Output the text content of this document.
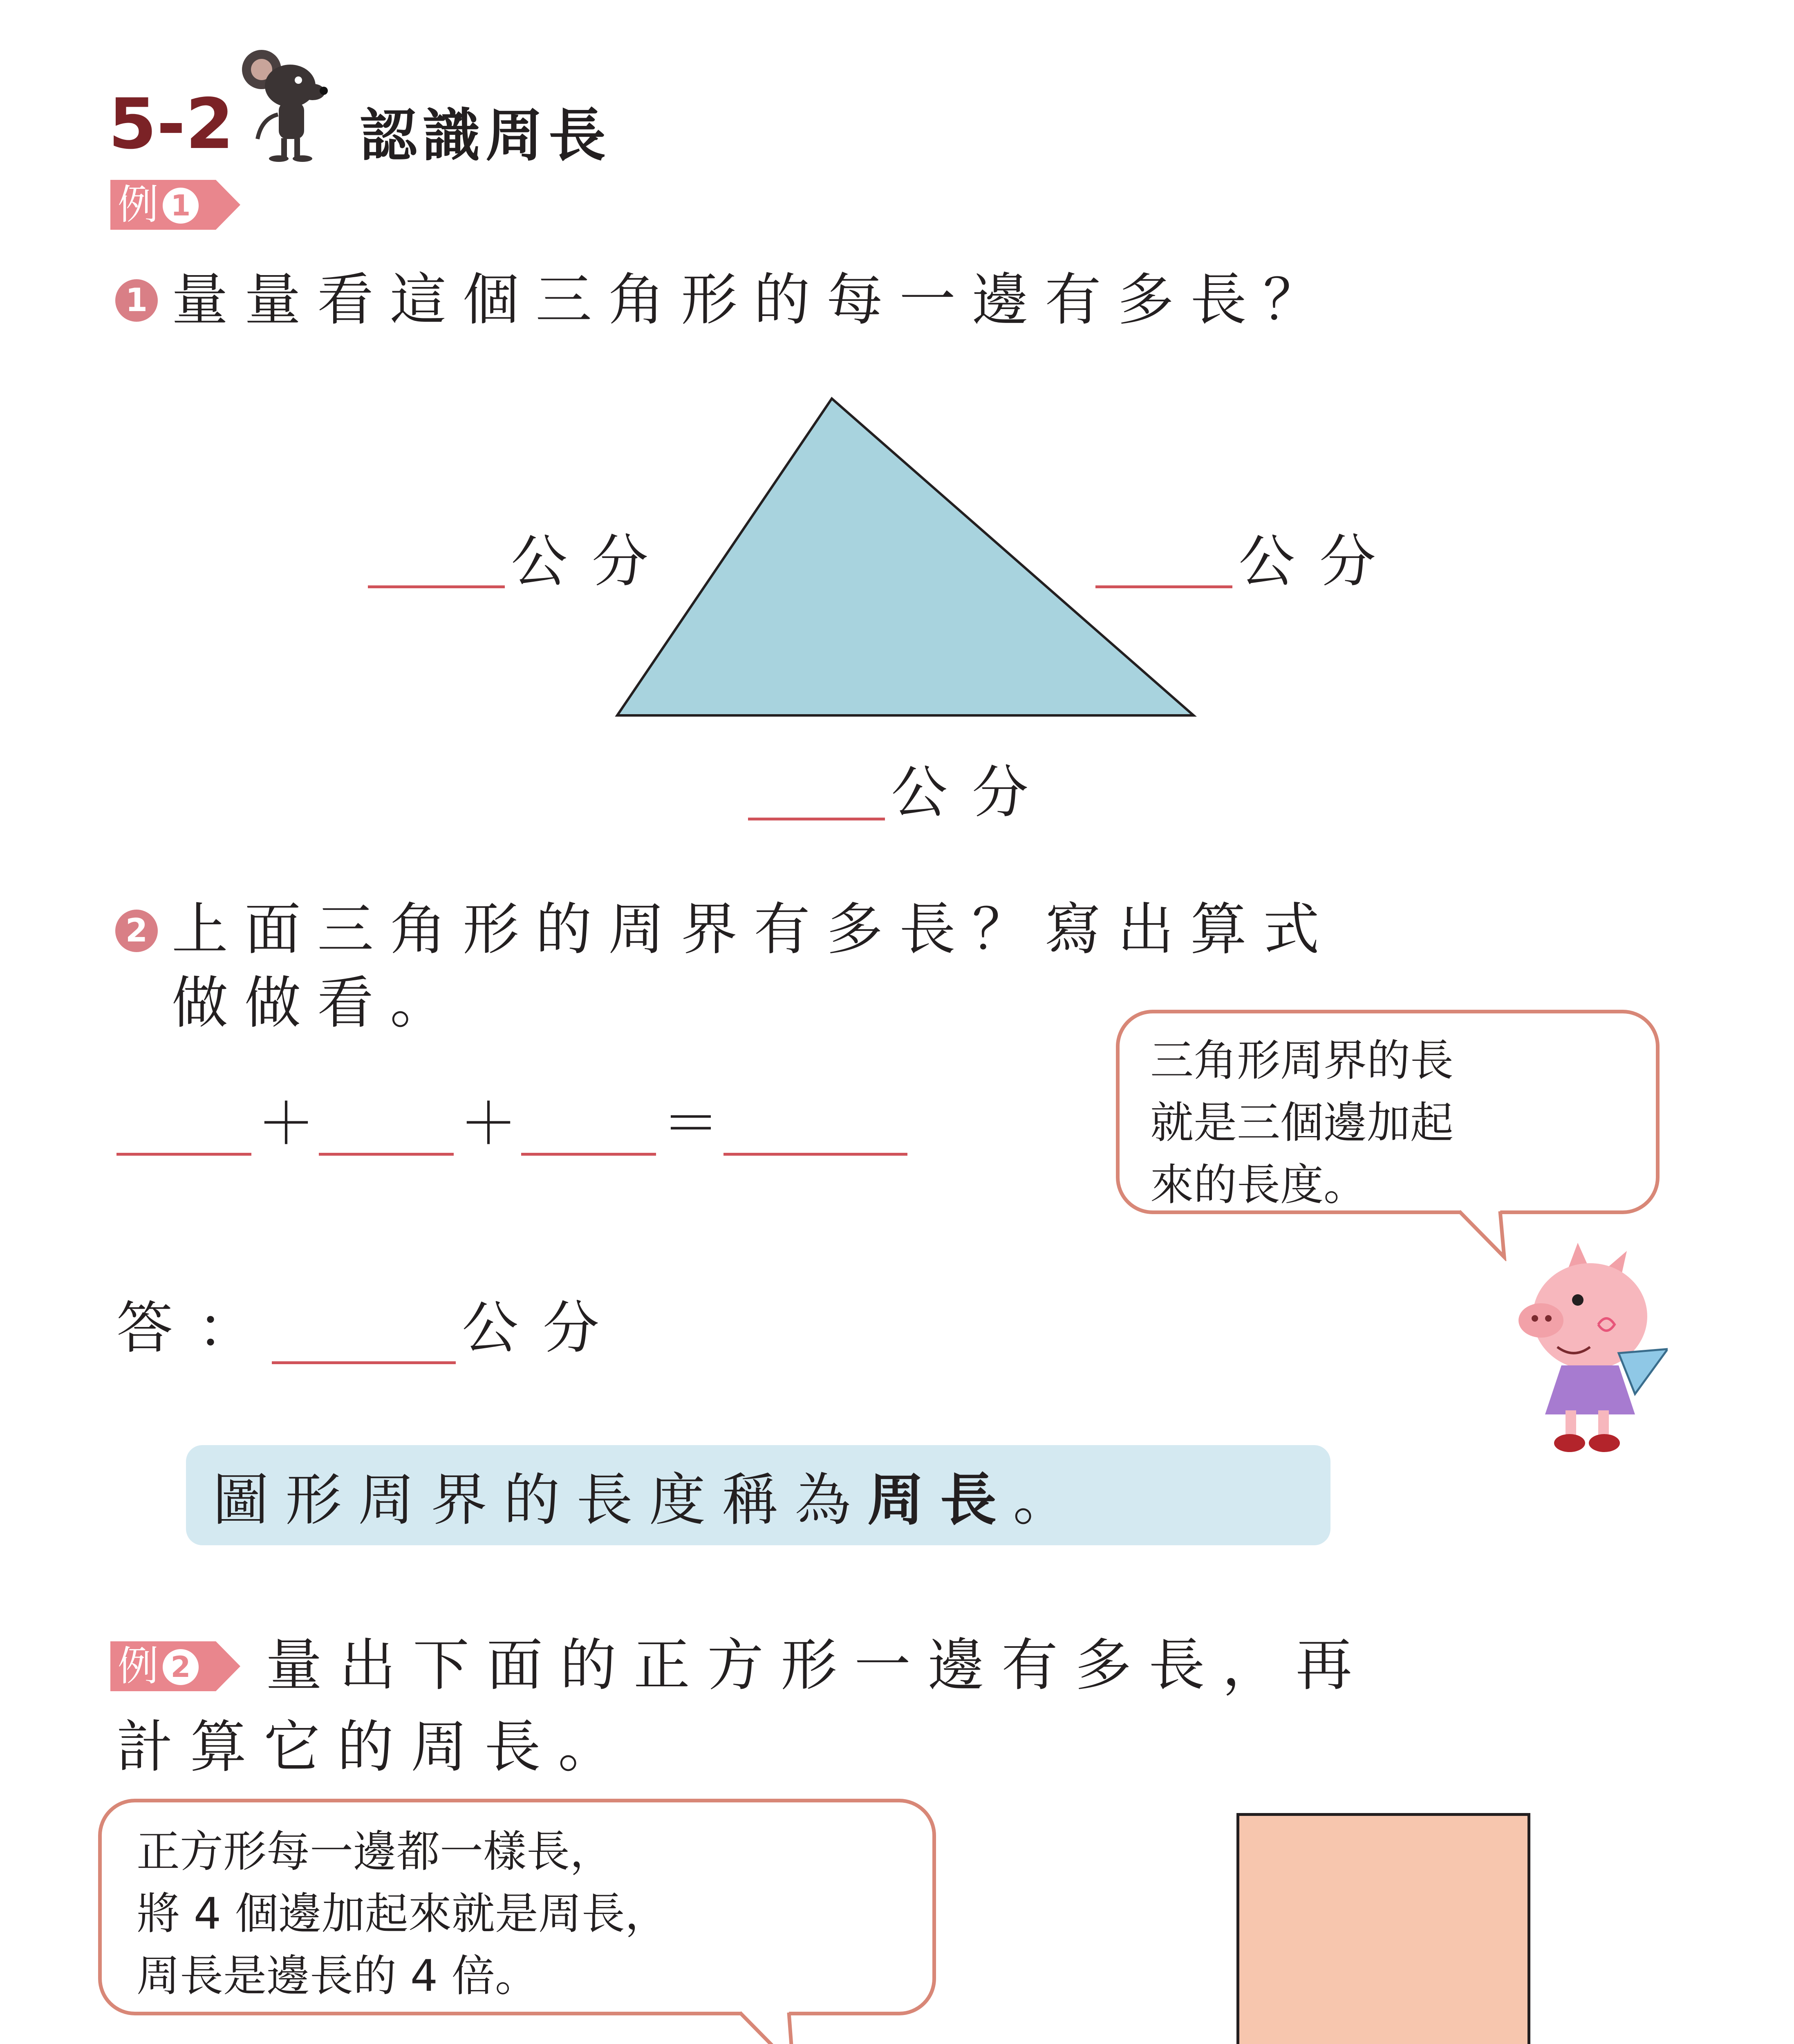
5-2 認識周長
例 1
1 量量看這個三角形的每一邊有多長？
公分	公分
公分
2 上面三角形的周界有多長？寫出算式
做做看。
＋	＋	＝
答：	公分
三角形周界的長
就是三個邊加起
來的長度。
圖形周界的長度稱為周長。
例 2	量出下面的正方形一邊有多長，再
計算它的周長。
正方形每一邊都一樣長，
將 4 個邊加起來就是周長，
周長是邊長的 4 倍。
